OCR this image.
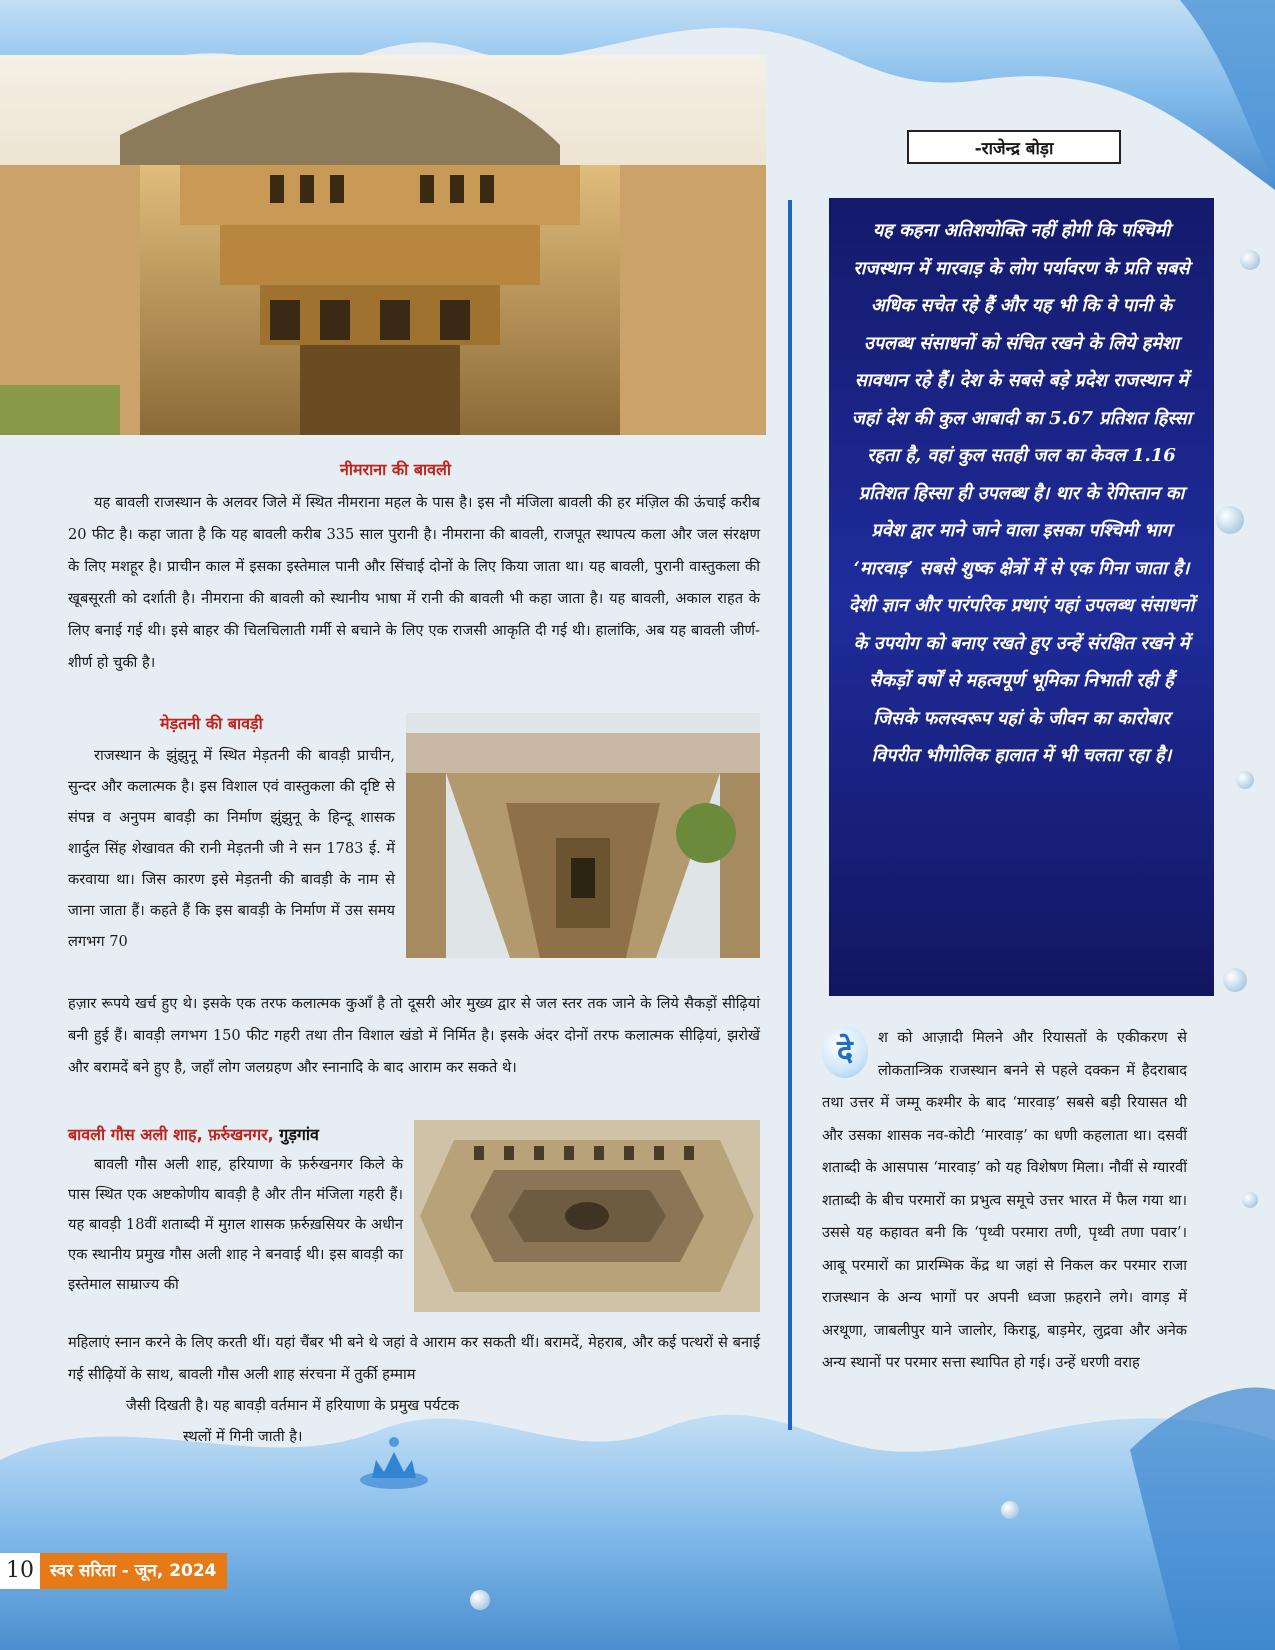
नीमराना की बावली
यह बावली राजस्थान के अलवर जिले में स्थित नीमराना महल के पास है। इस नौ मंजिला बावली की हर मंज़िल की ऊंचाई करीब 20 फीट है। कहा जाता है कि यह बावली करीब 335 साल पुरानी है। नीमराना की बावली, राजपूत स्थापत्य कला और जल संरक्षण के लिए मशहूर है। प्राचीन काल में इसका इस्तेमाल पानी और सिंचाई दोनों के लिए किया जाता था। यह बावली, पुरानी वास्तुकला की खूबसूरती को दर्शाती है। नीमराना की बावली को स्थानीय भाषा में रानी की बावली भी कहा जाता है। यह बावली, अकाल राहत के लिए बनाई गई थी। इसे बाहर की चिलचिलाती गर्मी से बचाने के लिए एक राजसी आकृति दी गई थी। हालांकि, अब यह बावली जीर्ण-शीर्ण हो चुकी है।
मेड़तनी की बावड़ी
राजस्थान के झुंझुनू में स्थित मेड़तनी की बावड़ी प्राचीन, सुन्दर और कलात्मक है। इस विशाल एवं वास्तुकला की दृष्टि से संपन्न व अनुपम बावड़ी का निर्माण झुंझुनू के हिन्दू शासक शार्दुल सिंह शेखावत की रानी मेड़तनी जी ने सन 1783 ई. में करवाया था। जिस कारण इसे मेड़तनी की बावड़ी के नाम से जाना जाता हैं। कहते हैं कि इस बावड़ी के निर्माण में उस समय लगभग 70
हज़ार रूपये खर्च हुए थे। इसके एक तरफ कलात्मक कुआँ है तो दूसरी ओर मुख्य द्वार से जल स्तर तक जाने के लिये सैकड़ों सीढ़ियां बनी हुई हैं। बावड़ी लगभग 150 फीट गहरी तथा तीन विशाल खंडो में निर्मित है। इसके अंदर दोनों तरफ कलात्मक सीढ़ियां, झरोखें और बरामदें बने हुए है, जहाँ लोग जलग्रहण और स्नानादि के बाद आराम कर सकते थे।
बावली गौस अली शाह, फ़र्रुखनगर, गुड़गांव
बावली गौस अली शाह, हरियाणा के फ़र्रुखनगर किले के पास स्थित एक अष्टकोणीय बावड़ी है और तीन मंजिला गहरी हैं। यह बावड़ी 18वीं शताब्दी में मुग़ल शासक फ़र्रुख़सियर के अधीन एक स्थानीय प्रमुख गौस अली शाह ने बनवाई थी। इस बावड़ी का इस्तेमाल साम्राज्य की
महिलाएं स्नान करने के लिए करती थीं। यहां चैंबर भी बने थे जहां वे आराम कर सकती थीं। बरामदें, मेहराब, और कई पत्थरों से बनाई गई सीढ़ियों के साथ, बावली गौस अली शाह संरचना में तुर्की हम्माम
जैसी दिखती है। यह बावड़ी वर्तमान में हरियाणा के प्रमुख पर्यटक
स्थलों में गिनी जाती है।
-राजेन्द्र बोड़ा
यह कहना अतिशयोक्ति नहीं होगी कि पश्चिमी राजस्थान में मारवाड़ के लोग पर्यावरण के प्रति सबसे अधिक सचेत रहे हैं और यह भी कि वे पानी के उपलब्ध संसाधनों को संचित रखने के लिये हमेशा सावधान रहे हैं। देश के सबसे बड़े प्रदेश राजस्थान में जहां देश की कुल आबादी का 5.67 प्रतिशत हिस्सा रहता है, वहां कुल सतही जल का केवल 1.16 प्रतिशत हिस्सा ही उपलब्ध है। थार के रेगिस्तान का प्रवेश द्वार माने जाने वाला इसका पश्चिमी भाग ‘मारवाड़’ सबसे शुष्क क्षेत्रों में से एक गिना जाता है। देशी ज्ञान और पारंपरिक प्रथाएं यहां उपलब्ध संसाधनों के उपयोग को बनाए रखते हुए उन्हें संरक्षित रखने में सैकड़ों वर्षों से महत्वपूर्ण भूमिका निभाती रही हैं जिसके फलस्वरूप यहां के जीवन का कारोबार विपरीत भौगोलिक हालात में भी चलता रहा है।
दे	श को आज़ादी मिलने और रियासतों के एकीकरण से लोकतान्त्रिक राजस्थान बनने से पहले दक्कन में हैदराबाद तथा उत्तर में जम्मू कश्मीर के बाद ‘मारवाड़’ सबसे बड़ी रियासत थी और उसका शासक नव-कोटी ‘मारवाड़’ का धणी कहलाता था। दसवीं शताब्दी के आसपास ‘मारवाड़’ को यह विशेषण मिला। नौवीं से ग्यारवीं शताब्दी के बीच परमारों का प्रभुत्व समूचे उत्तर भारत में फैल गया था। उससे यह कहावत बनी कि ‘पृथ्वी परमारा तणी, पृथ्वी तणा पवार’। आबू परमारों का प्रारम्भिक केंद्र था जहां से निकल कर परमार राजा राजस्थान के अन्य भागों पर अपनी ध्वजा फ़हराने लगे। वागड़ में अरथूणा, जाबलीपुर याने जालोर, किराडू, बाड़मेर, लुद्रवा और अनेक अन्य स्थानों पर परमार सत्ता स्थापित हो गई। उन्हें धरणी वराह
10 स्वर सरिता - जून, 2024
